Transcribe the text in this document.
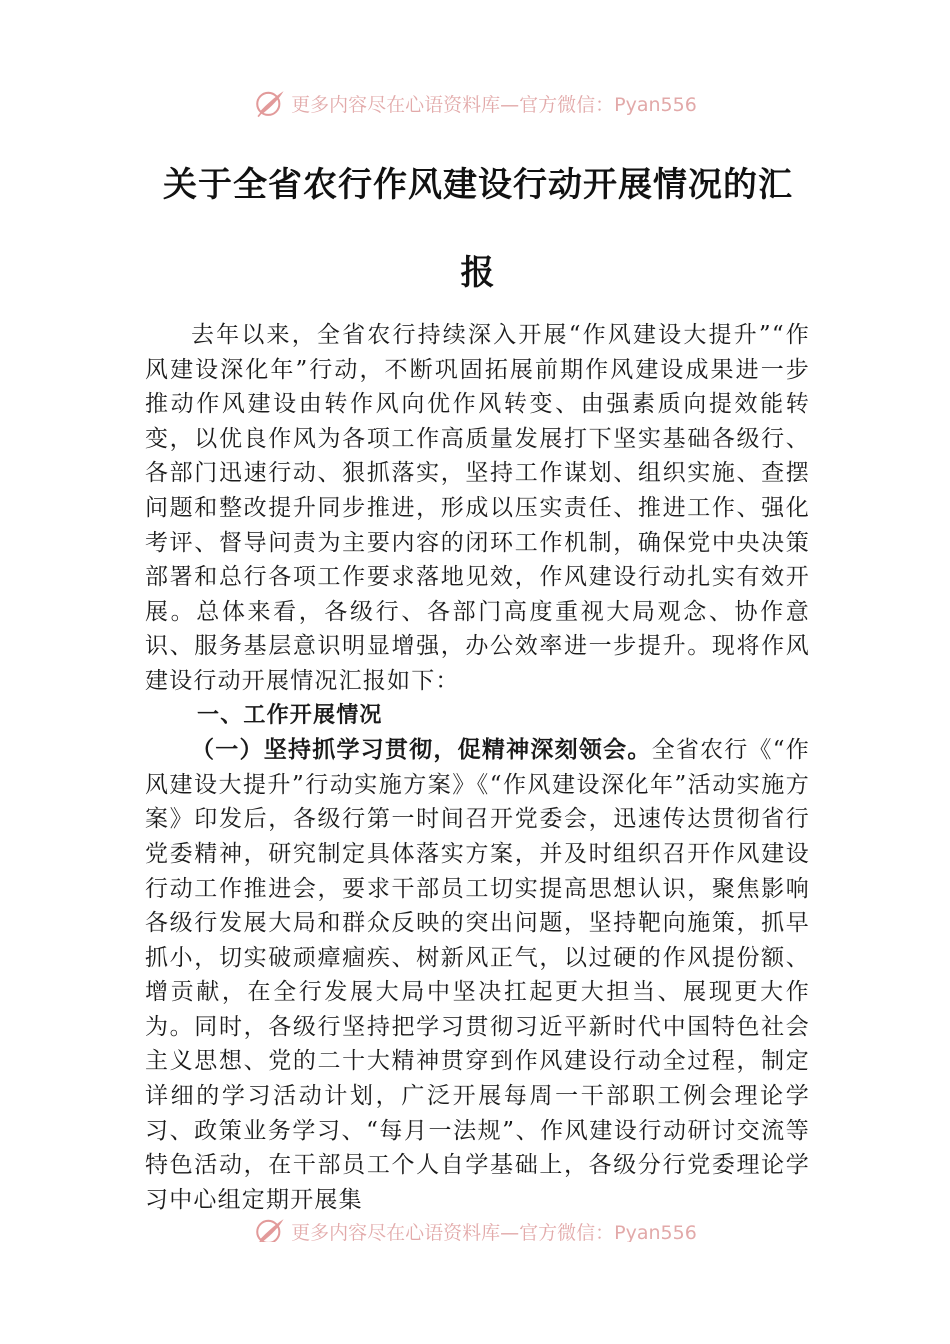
更多内容尽在心语资料库—官方微信：Pyan556
关于全省农行作风建设行动开展情况的汇
报

去年以来，全省农行持续深入开展“作风建设大提升”“作风建设深化年”行动，不断巩固拓展前期作风建设成果进一步推动作风建设由转作风向优作风转变、由强素质向提效能转变，以优良作风为各项工作高质量发展打下坚实基础各级行、各部门迅速行动、狠抓落实，坚持工作谋划、组织实施、查摆问题和整改提升同步推进，形成以压实责任、推进工作、强化考评、督导问责为主要内容的闭环工作机制，确保党中央决策部署和总行各项工作要求落地见效，作风建设行动扎实有效开展。总体来看，各级行、各部门高度重视大局观念、协作意识、服务基层意识明显增强，办公效率进一步提升。现将作风建设行动开展情况汇报如下：

一、工作开展情况

（一）坚持抓学习贯彻，促精神深刻领会。全省农行《“作风建设大提升”行动实施方案》《“作风建设深化年”活动实施方案》印发后，各级行第一时间召开党委会，迅速传达贯彻省行党委精神，研究制定具体落实方案，并及时组织召开作风建设行动工作推进会，要求干部员工切实提高思想认识，聚焦影响各级行发展大局和群众反映的突出问题，坚持靶向施策，抓早抓小，切实破顽瘴痼疾、树新风正气，以过硬的作风提份额、增贡献，在全行发展大局中坚决扛起更大担当、展现更大作为。同时，各级行坚持把学习贯彻习近平新时代中国特色社会主义思想、党的二十大精神贯穿到作风建设行动全过程，制定详细的学习活动计划，广泛开展每周一干部职工例会理论学习、政策业务学习、“每月一法规”、作风建设行动研讨交流等特色活动，在干部员工个人自学基础上，各级分行党委理论学习中心组定期开展集

更多内容尽在心语资料库—官方微信：Pyan556
